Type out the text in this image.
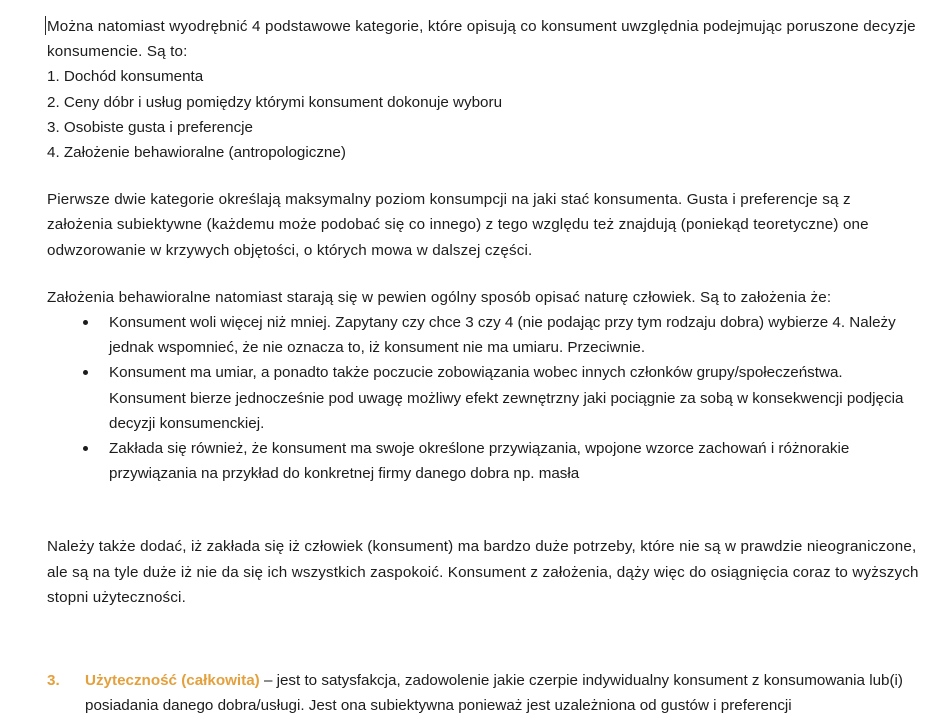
Można natomiast wyodrębnić 4 podstawowe kategorie, które opisują co konsument uwzględnia podejmując poruszone decyzje konsumencie. Są to:

1. Dochód konsumenta
2. Ceny dóbr i usług pomiędzy którymi konsument dokonuje wyboru
3. Osobiste gusta i preferencje
4. Założenie behawioralne (antropologiczne)

Pierwsze dwie kategorie określają maksymalny poziom konsumpcji na jaki stać konsumenta. Gusta i preferencje są z założenia subiektywne (każdemu może podobać się co innego) z tego względu też znajdują (poniekąd teoretyczne) one odwzorowanie w krzywych objętości, o których mowa w dalszej części.

Założenia behawioralne natomiast starają się w pewien ogólny sposób opisać naturę człowiek. Są to założenia że:

Konsument woli więcej niż mniej. Zapytany czy chce 3 czy 4 (nie podając przy tym rodzaju dobra) wybierze 4. Należy jednak wspomnieć, że nie oznacza to, iż konsument nie ma umiaru. Przeciwnie.
Konsument ma umiar, a ponadto także poczucie zobowiązania wobec innych członków grupy/społeczeństwa. Konsument bierze jednocześnie pod uwagę możliwy efekt zewnętrzny jaki pociągnie za sobą w konsekwencji podjęcia decyzji konsumenckiej.
Zakłada się również, że konsument ma swoje określone przywiązania, wpojone wzorce zachowań i różnorakie przywiązania na przykład do konkretnej firmy danego dobra np. masła

Należy także dodać, iż zakłada się iż człowiek (konsument) ma bardzo duże potrzeby, które nie są w prawdzie nieograniczone, ale są na tyle duże iż nie da się ich wszystkich zaspokoić. Konsument z założenia, dąży więc do osiągnięcia coraz to wyższych stopni użyteczności.

3. Użyteczność (całkowita) – jest to satysfakcja, zadowolenie jakie czerpie indywidualny konsument z konsumowania lub(i) posiadania danego dobra/usługi. Jest ona subiektywna ponieważ jest uzależniona od gustów i preferencji
